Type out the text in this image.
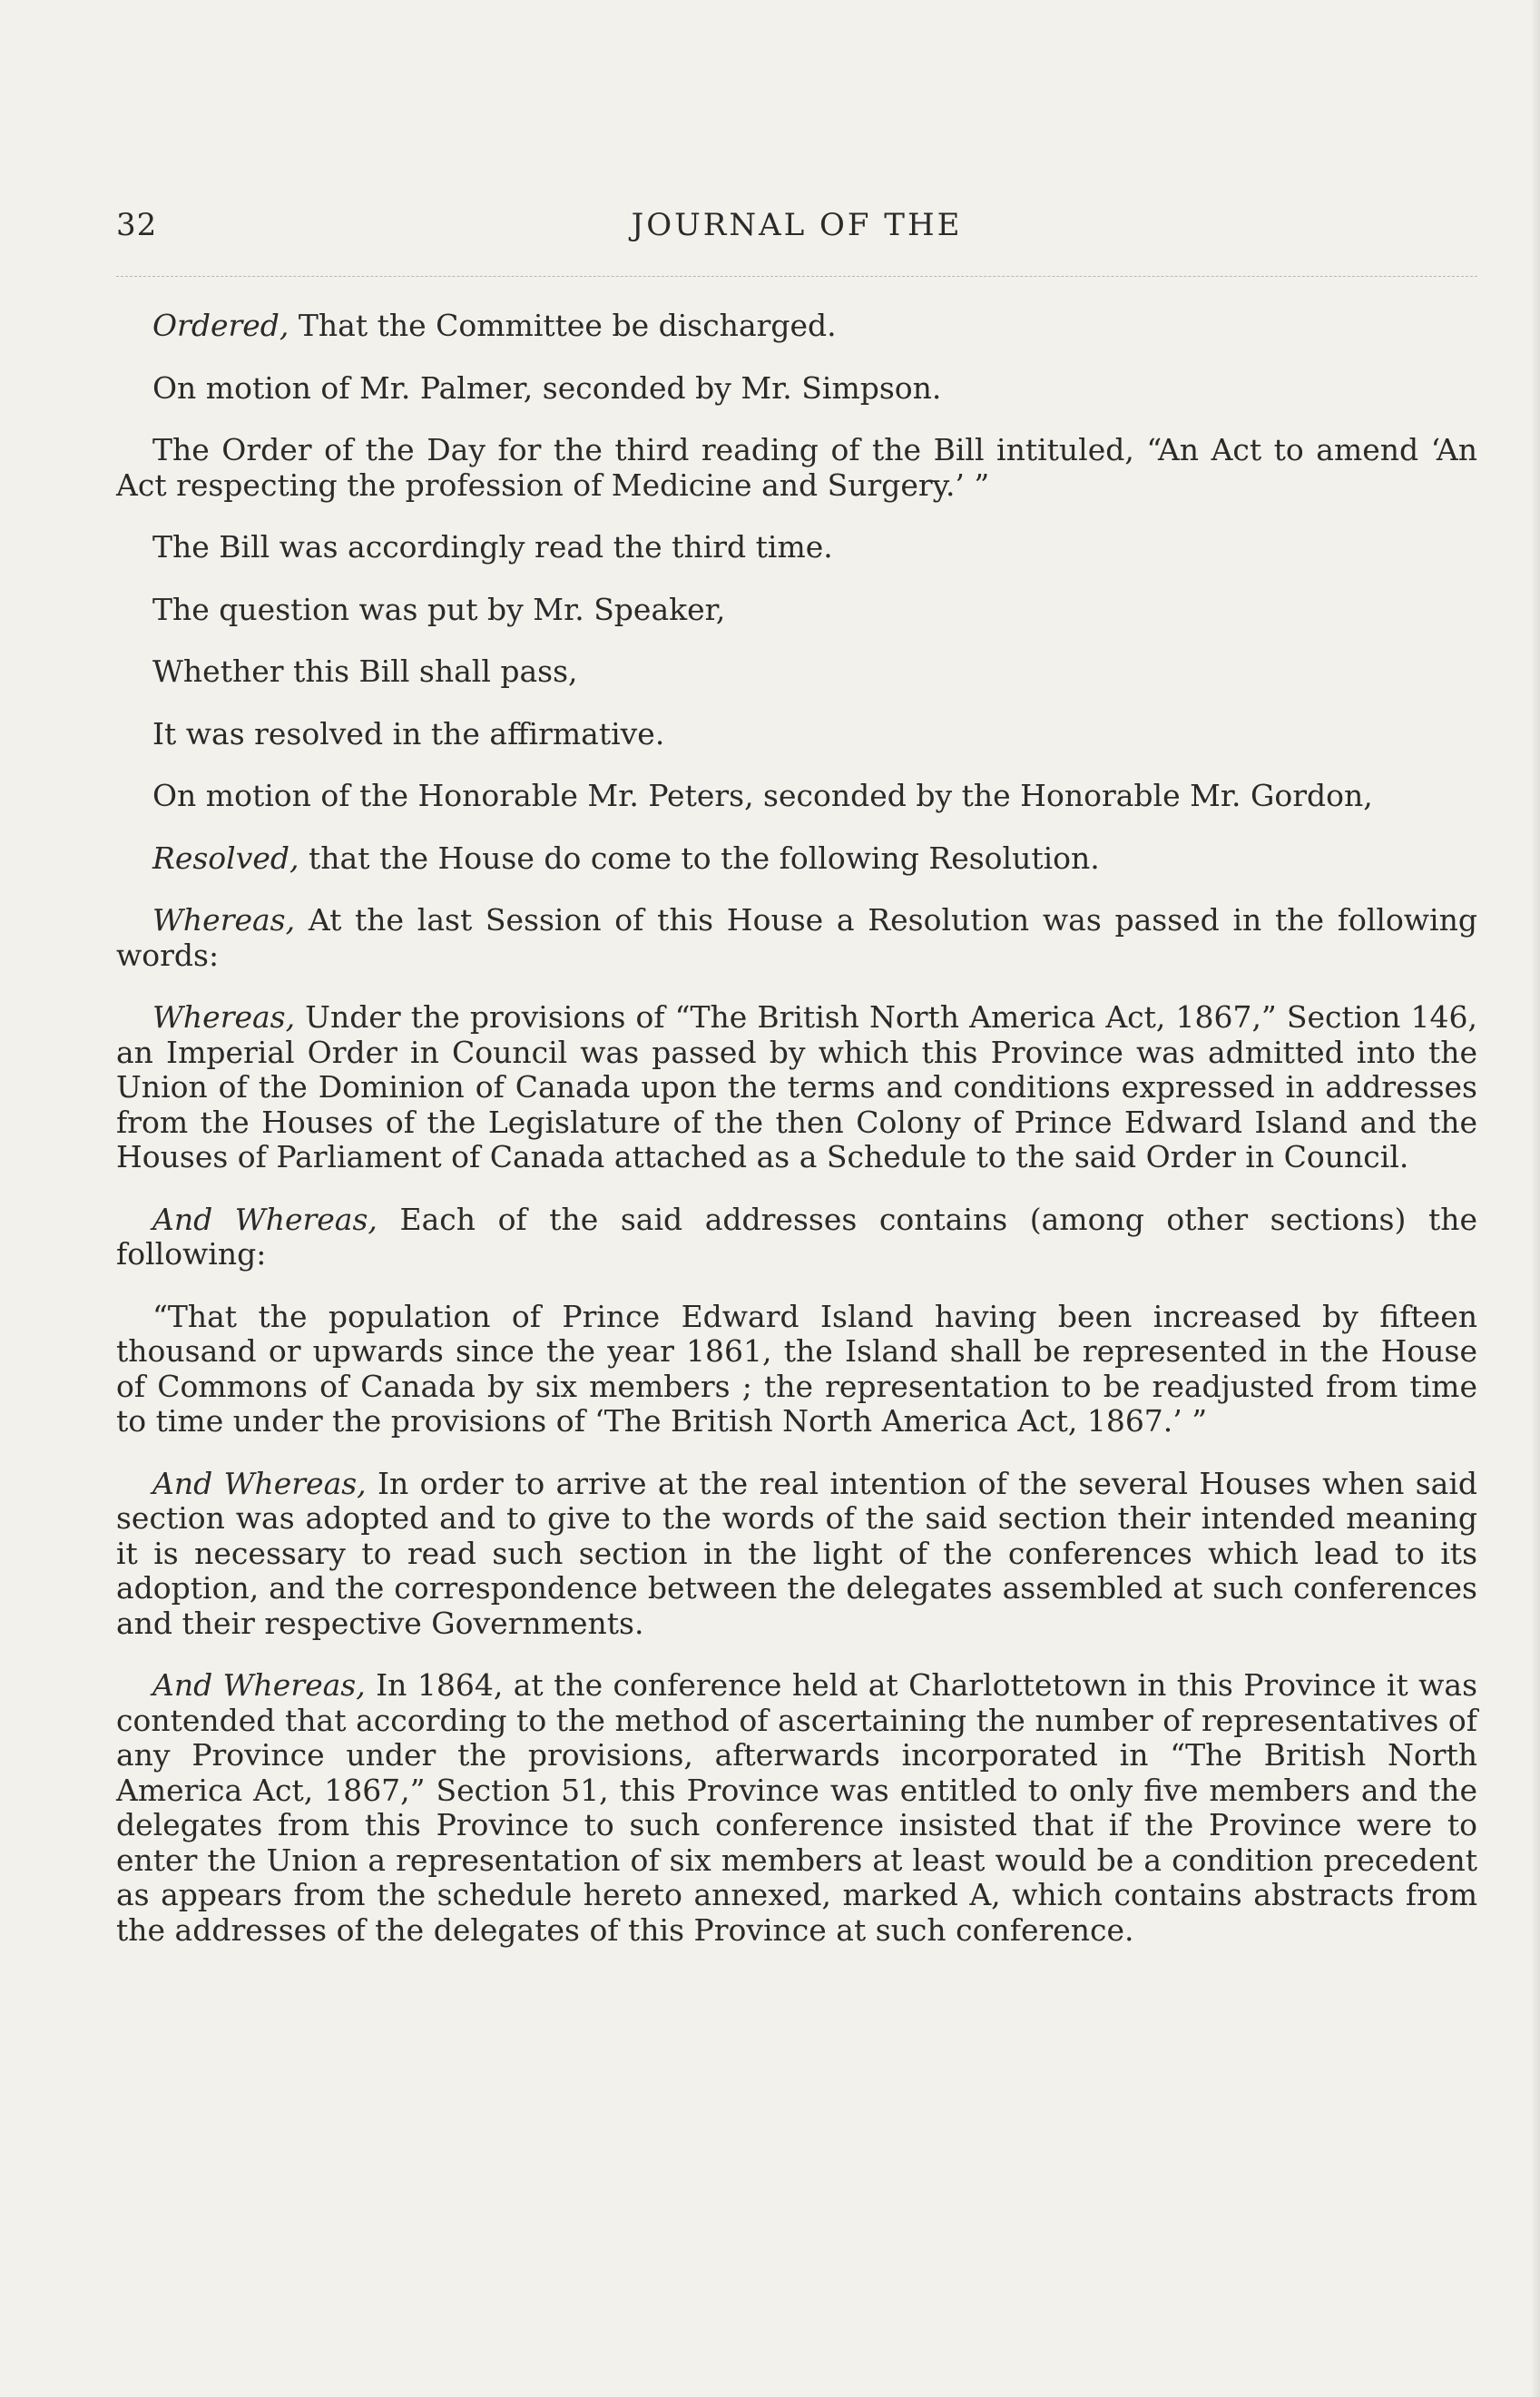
32	JOURNAL OF THE

Ordered, That the Committee be discharged.

On motion of Mr. Palmer, seconded by Mr. Simpson.

The Order of the Day for the third reading of the Bill intituled, “An Act to amend ‘An Act respecting the profession of Medicine and Surgery.’ ”

The Bill was accordingly read the third time.

The question was put by Mr. Speaker,

Whether this Bill shall pass,

It was resolved in the affirmative.

On motion of the Honorable Mr. Peters, seconded by the Honorable Mr. Gordon,

Resolved, that the House do come to the following Resolution.

Whereas, At the last Session of this House a Resolution was passed in the following words:

Whereas, Under the provisions of “The British North America Act, 1867,” Section 146, an Imperial Order in Council was passed by which this Province was admitted into the Union of the Dominion of Canada upon the terms and conditions expressed in addresses from the Houses of the Legislature of the then Colony of Prince Edward Island and the Houses of Parliament of Canada attached as a Schedule to the said Order in Council.

And Whereas, Each of the said addresses contains (among other sections) the following:

“That the population of Prince Edward Island having been increased by fifteen thousand or upwards since the year 1861, the Island shall be represented in the House of Commons of Canada by six members ; the representation to be readjusted from time to time under the provisions of ‘The British North America Act, 1867.’ ”

And Whereas, In order to arrive at the real intention of the several Houses when said section was adopted and to give to the words of the said section their intended meaning it is necessary to read such section in the light of the conferences which lead to its adoption, and the correspondence between the delegates assembled at such conferences and their respective Governments.

And Whereas, In 1864, at the conference held at Charlottetown in this Province it was contended that according to the method of ascertaining the number of representatives of any Province under the provisions, afterwards incorporated in “The British North America Act, 1867,” Section 51, this Province was entitled to only five members and the delegates from this Province to such conference insisted that if the Province were to enter the Union a representation of six members at least would be a condition precedent as appears from the schedule hereto annexed, marked A, which contains abstracts from the addresses of the delegates of this Province at such conference.
